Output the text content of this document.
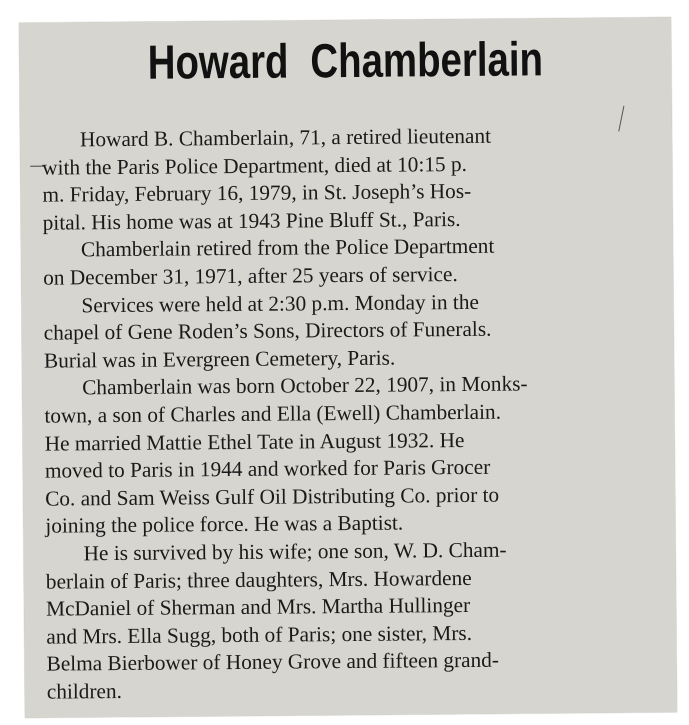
Howard Chamberlain
Howard B. Chamberlain, 71, a retired lieutenant
with the Paris Police Department, died at 10:15 p.
m. Friday, February 16, 1979, in St. Joseph’s Hos-
pital. His home was at 1943 Pine Bluff St., Paris.
Chamberlain retired from the Police Department
on December 31, 1971, after 25 years of service.
Services were held at 2:30 p.m. Monday in the
chapel of Gene Roden’s Sons, Directors of Funerals.
Burial was in Evergreen Cemetery, Paris.
Chamberlain was born October 22, 1907, in Monks-
town, a son of Charles and Ella (Ewell) Chamberlain.
He married Mattie Ethel Tate in August 1932. He
moved to Paris in 1944 and worked for Paris Grocer
Co. and Sam Weiss Gulf Oil Distributing Co. prior to
joining the police force. He was a Baptist.
He is survived by his wife; one son, W. D. Cham-
berlain of Paris; three daughters, Mrs. Howardene
McDaniel of Sherman and Mrs. Martha Hullinger
and Mrs. Ella Sugg, both of Paris; one sister, Mrs.
Belma Bierbower of Honey Grove and fifteen grand-
children.
